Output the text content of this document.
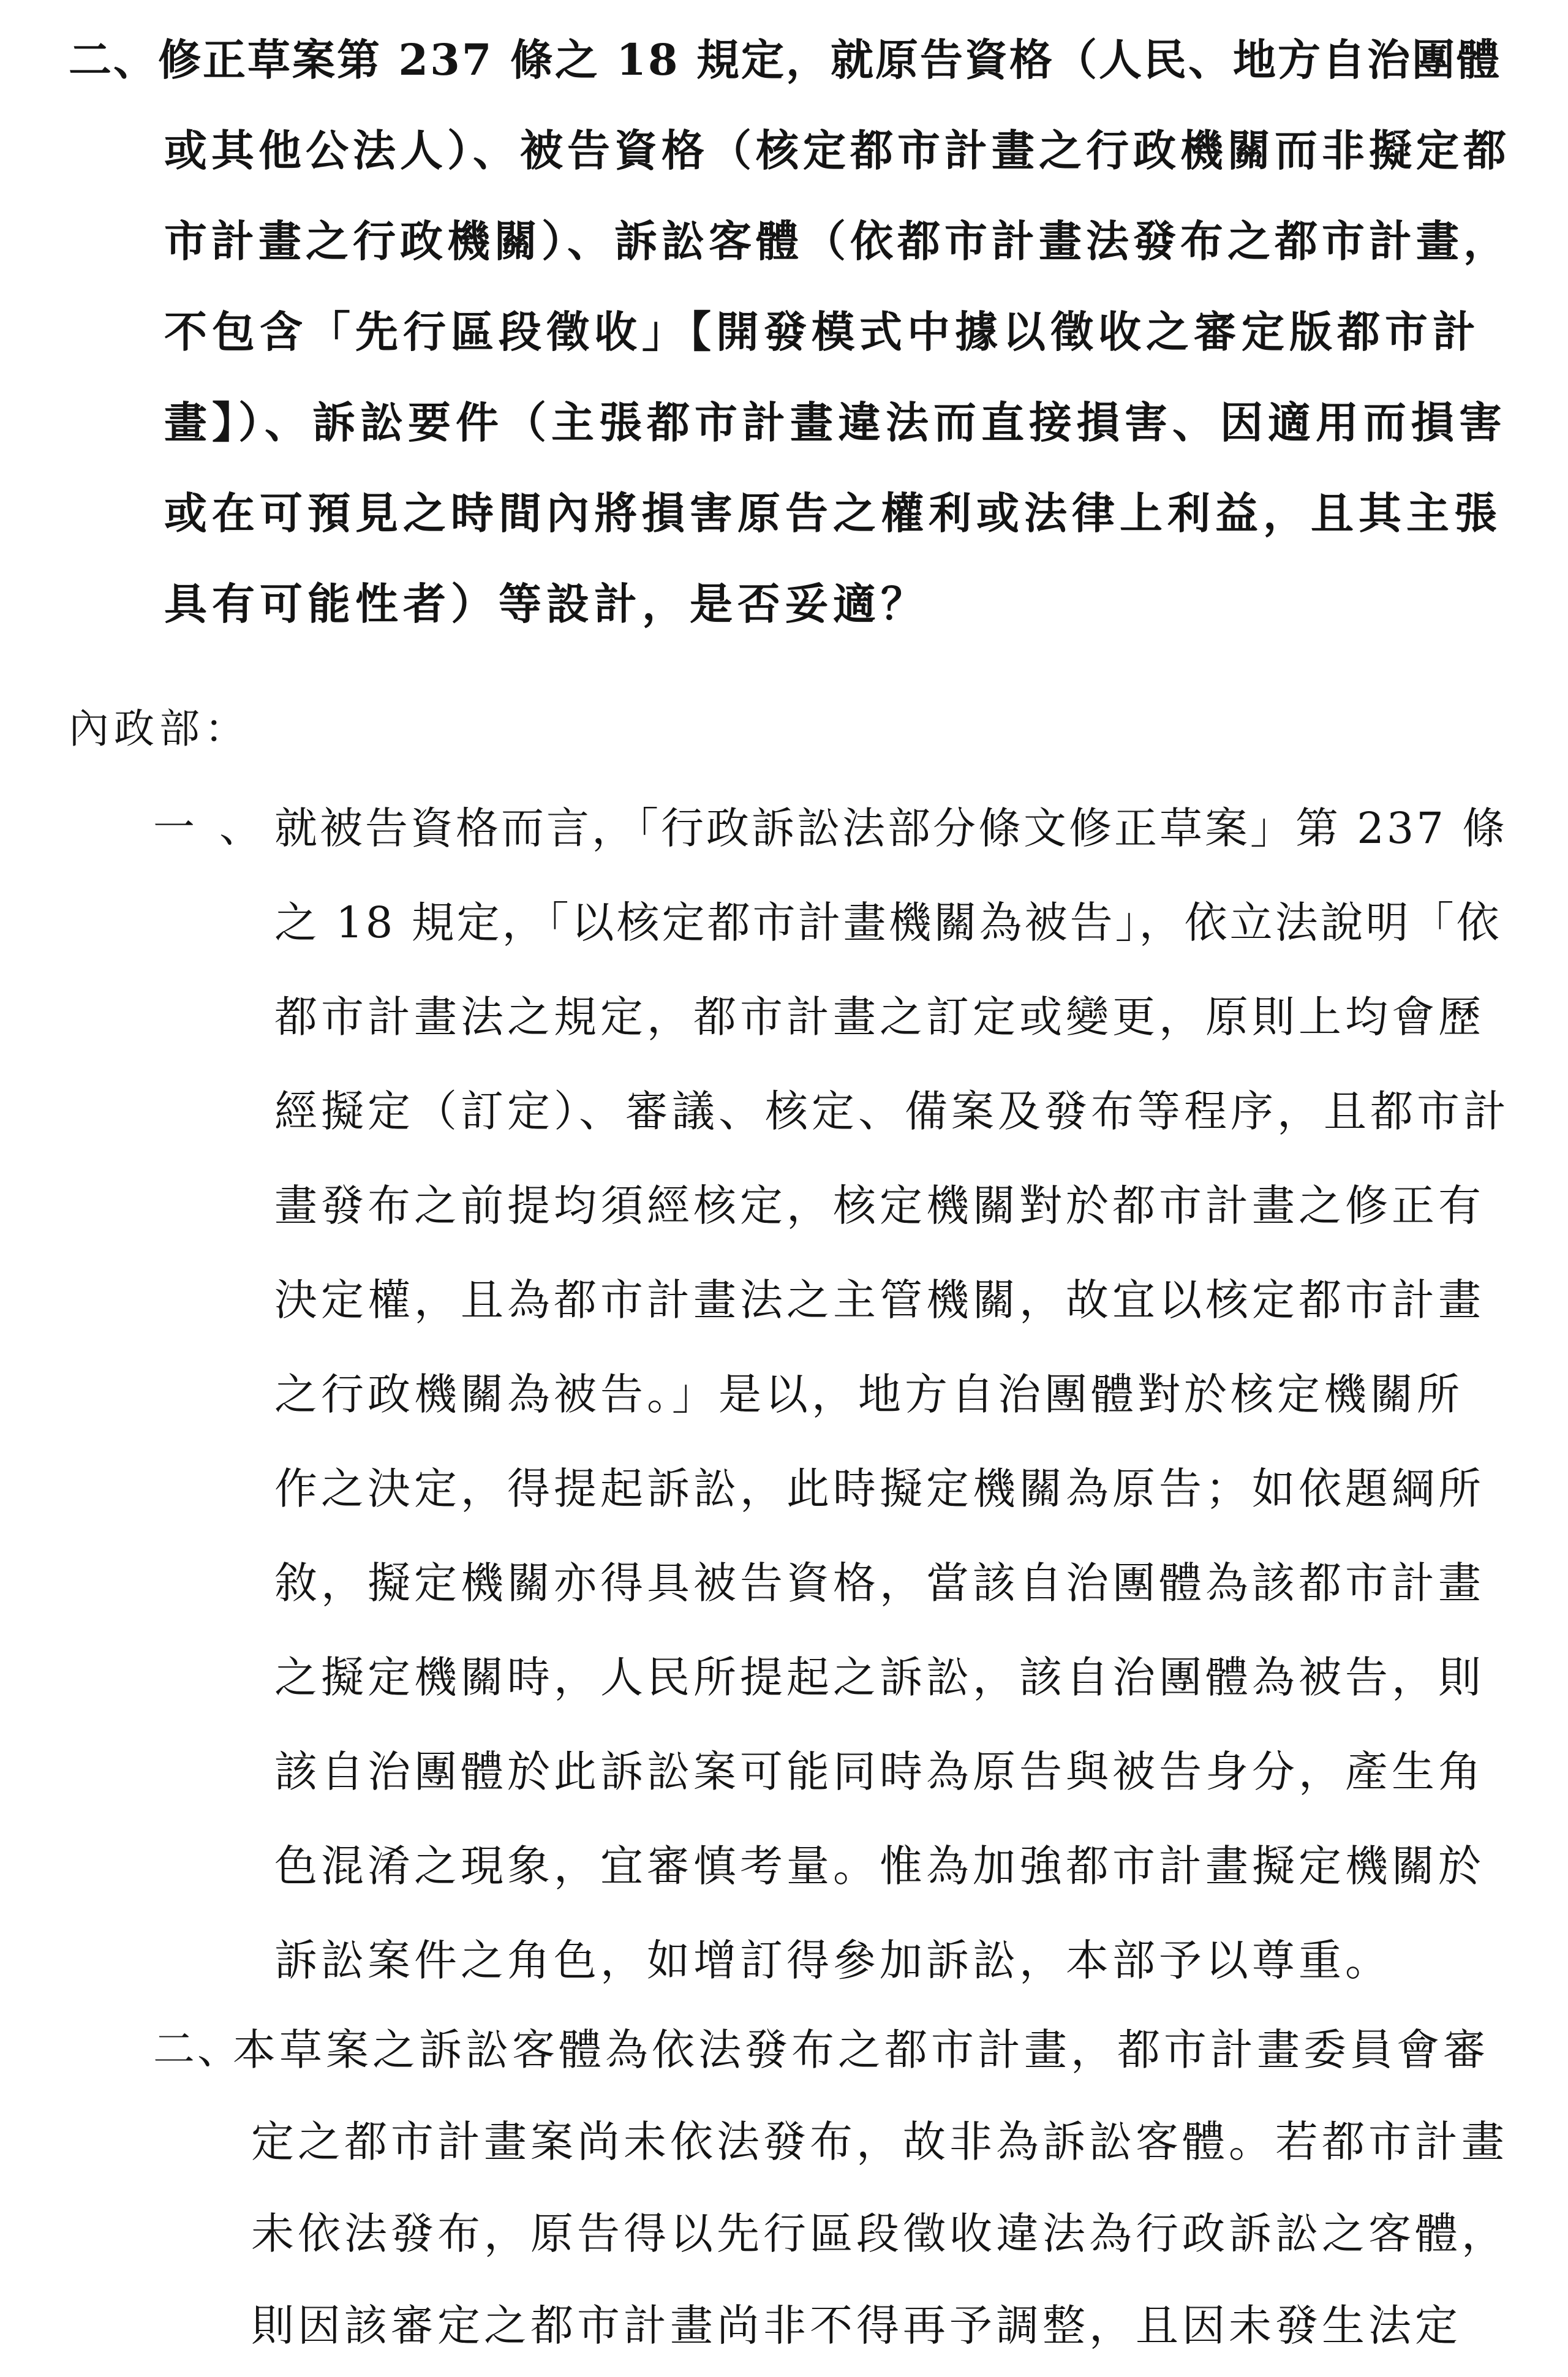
二、修正草案第 237 條之 18 規定，就原告資格（人民、地方自治團體
或其他公法人）、被告資格（核定都市計畫之行政機關而非擬定都
市計畫之行政機關）、訴訟客體（依都市計畫法發布之都市計畫，
不包含「先行區段徵收」【開發模式中據以徵收之審定版都市計
畫】）、訴訟要件（主張都市計畫違法而直接損害、因適用而損害
或在可預見之時間內將損害原告之權利或法律上利益，且其主張
具有可能性者）等設計，是否妥適？
內政部：
一、
就被告資格而言，「行政訴訟法部分條文修正草案」第 237 條
之 18 規定，「以核定都市計畫機關為被告」，依立法說明「依
都市計畫法之規定，都市計畫之訂定或變更，原則上均會歷
經擬定（訂定）、審議、核定、備案及發布等程序，且都市計
畫發布之前提均須經核定，核定機關對於都市計畫之修正有
決定權，且為都市計畫法之主管機關，故宜以核定都市計畫
之行政機關為被告。」是以，地方自治團體對於核定機關所
作之決定，得提起訴訟，此時擬定機關為原告；如依題綱所
敘，擬定機關亦得具被告資格，當該自治團體為該都市計畫
之擬定機關時，人民所提起之訴訟，該自治團體為被告，則
該自治團體於此訴訟案可能同時為原告與被告身分，產生角
色混淆之現象，宜審慎考量。惟為加強都市計畫擬定機關於
訴訟案件之角色，如增訂得參加訴訟，本部予以尊重。
二、
本草案之訴訟客體為依法發布之都市計畫，都市計畫委員會審
定之都市計畫案尚未依法發布，故非為訴訟客體。若都市計畫
未依法發布，原告得以先行區段徵收違法為行政訴訟之客體，
則因該審定之都市計畫尚非不得再予調整，且因未發生法定
